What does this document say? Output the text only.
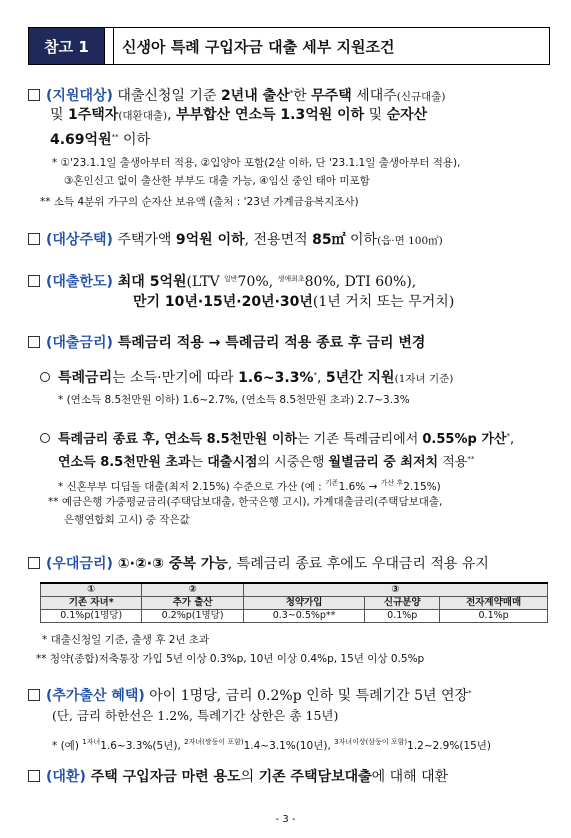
참고 1	신생아 특례 구입자금 대출 세부 지원조건
(지원대상) 대출신청일 기준 2년내 출산*한 무주택 세대주(신규대출)
및 1주택자(대환대출), 부부합산 연소득 1.3억원 이하 및 순자산
4.69억원** 이하
* ①'23.1.1일 출생아부터 적용, ②입양아 포함(2살 이하, 단 '23.1.1일 출생아부터 적용),
③혼인신고 없이 출산한 부부도 대출 가능, ④임신 중인 태아 미포함
** 소득 4분위 가구의 순자산 보유액 (출처 : '23년 가계금융복지조사)
(대상주택) 주택가액 9억원 이하, 전용면적 85㎡ 이하(읍·면 100㎡)
(대출한도) 최대 5억원(LTV $^{일반}$70%, $^{생애최초}$80%, DTI 60%),
만기 10년·15년·20년·30년(1년 거치 또는 무거치)
(대출금리) 특례금리 적용 → 특례금리 적용 종료 후 금리 변경
특례금리는 소득·만기에 따라 1.6~3.3%*, 5년간 지원(1자녀 기준)
* (연소득 8.5천만원 이하) 1.6~2.7%, (연소득 8.5천만원 초과) 2.7~3.3%
특례금리 종료 후, 연소득 8.5천만원 이하는 기존 특례금리에서 0.55%p 가산*,
연소득 8.5천만원 초과는 대출시점의 시중은행 월별금리 중 최저치 적용**
* 신혼부부 디딤돌 대출(최저 2.15%) 수준으로 가산 (예 : $^{기존}$1.6% → $^{가산 후}$2.15%)
** 예금은행 가중평균금리(주택담보대출, 한국은행 고시), 가계대출금리(주택담보대출,
은행연합회 고시) 중 작은값
(우대금리) ①·②·③ 중복 가능, 특례금리 종료 후에도 우대금리 적용 유지
①	②	③		
기존 자녀*	추가 출산	청약가입	신규분양	전자계약매매
0.1%p(1명당)	0.2%p(1명당)	0.3~0.5%p**	0.1%p	0.1%p
* 대출신청일 기준, 출생 후 2년 초과
** 청약(종합)저축통장 가입 5년 이상 0.3%p, 10년 이상 0.4%p, 15년 이상 0.5%p
(추가출산 혜택) 아이 1명당, 금리 0.2%p 인하 및 특례기간 5년 연장*
(단, 금리 하한선은 1.2%, 특례기간 상한은 총 15년)
* (예) $^{1자녀}$1.6~3.3%(5년), $^{2자녀(쌍둥이 포함)}$1.4~3.1%(10년), $^{3자녀이상(삼둥이 포함)}$1.2~2.9%(15년)
(대환) 주택 구입자금 마련 용도의 기존 주택담보대출에 대해 대환
- 3 -
